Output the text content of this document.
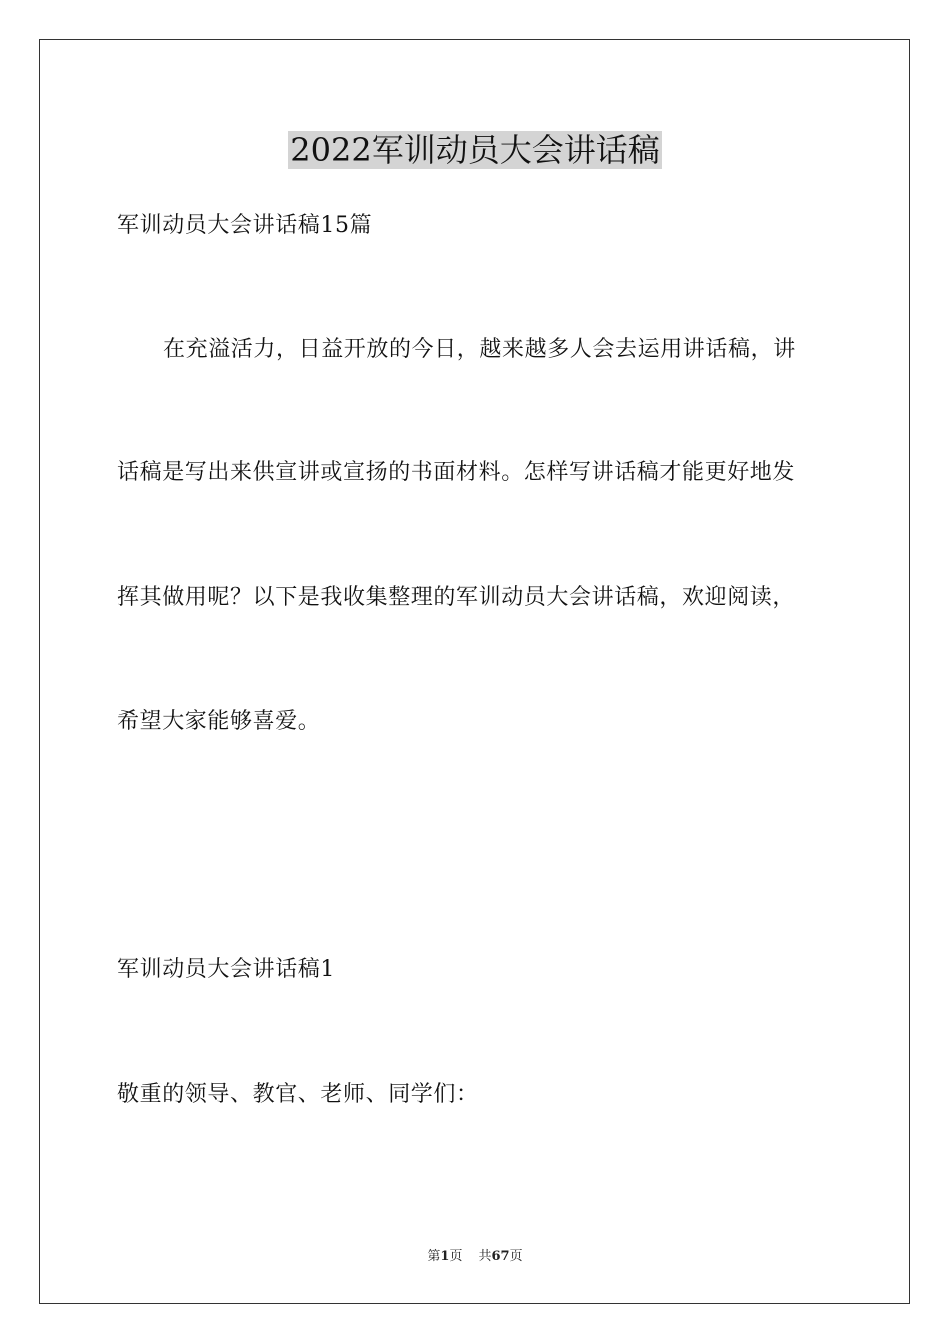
2022军训动员大会讲话稿
军训动员大会讲话稿15篇
在充溢活力，日益开放的今日，越来越多人会去运用讲话稿，讲
话稿是写出来供宣讲或宣扬的书面材料。怎样写讲话稿才能更好地发
挥其做用呢？以下是我收集整理的军训动员大会讲话稿，欢迎阅读，
希望大家能够喜爱。
军训动员大会讲话稿1
敬重的领导、教官、老师、同学们：
第1页 共67页
